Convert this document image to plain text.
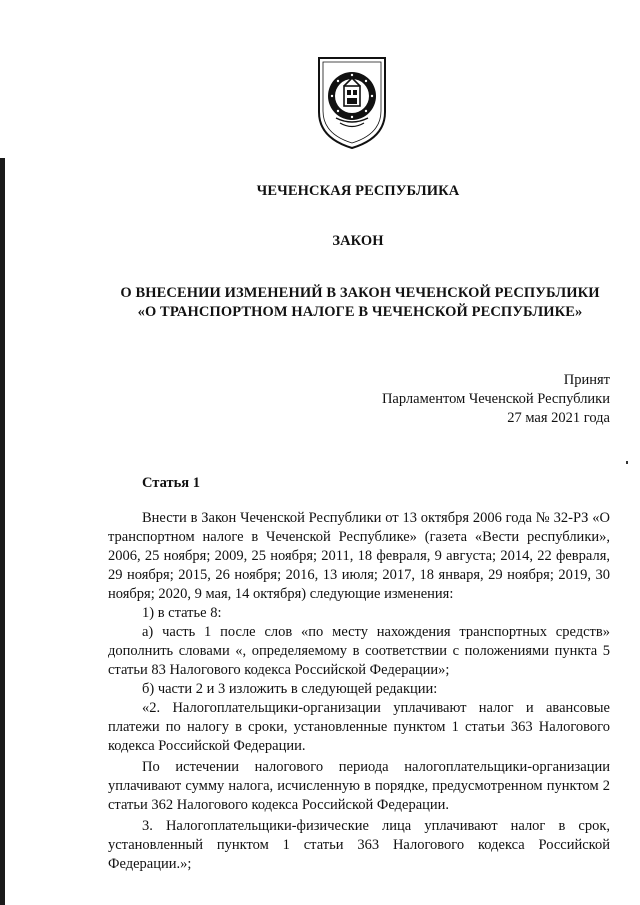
ЧЕЧЕНСКАЯ РЕСПУБЛИКА
ЗАКОН
О ВНЕСЕНИИ ИЗМЕНЕНИЙ В ЗАКОН ЧЕЧЕНСКОЙ РЕСПУБЛИКИ
«О ТРАНСПОРТНОМ НАЛОГЕ В ЧЕЧЕНСКОЙ РЕСПУБЛИКЕ»
Принят
Парламентом Чеченской Республики
27 мая 2021 года
Статья 1

Внести в Закон Чеченской Республики от 13 октября 2006 года № 32-РЗ «О транспортном налоге в Чеченской Республике» (газета «Вести республики», 2006, 25 ноября; 2009, 25 ноября; 2011, 18 февраля, 9 августа; 2014, 22 февраля, 29 ноября; 2015, 26 ноября; 2016, 13 июля; 2017, 18 января, 29 ноября; 2019, 30 ноября; 2020, 9 мая, 14 октября) следующие изменения:

1) в статье 8:

а) часть 1 после слов «по месту нахождения транспортных средств» дополнить словами «, определяемому в соответствии с положениями пункта 5 статьи 83 Налогового кодекса Российской Федерации»;

б) части 2 и 3 изложить в следующей редакции:

«2. Налогоплательщики-организации уплачивают налог и авансовые платежи по налогу в сроки, установленные пунктом 1 статьи 363 Налогового кодекса Российской Федерации.

По истечении налогового периода налогоплательщики-организации уплачивают сумму налога, исчисленную в порядке, предусмотренном пунктом 2 статьи 362 Налогового кодекса Российской Федерации.

3. Налогоплательщики-физические лица уплачивают налог в срок, установленный пунктом 1 статьи 363 Налогового кодекса Российской Федерации.»;
